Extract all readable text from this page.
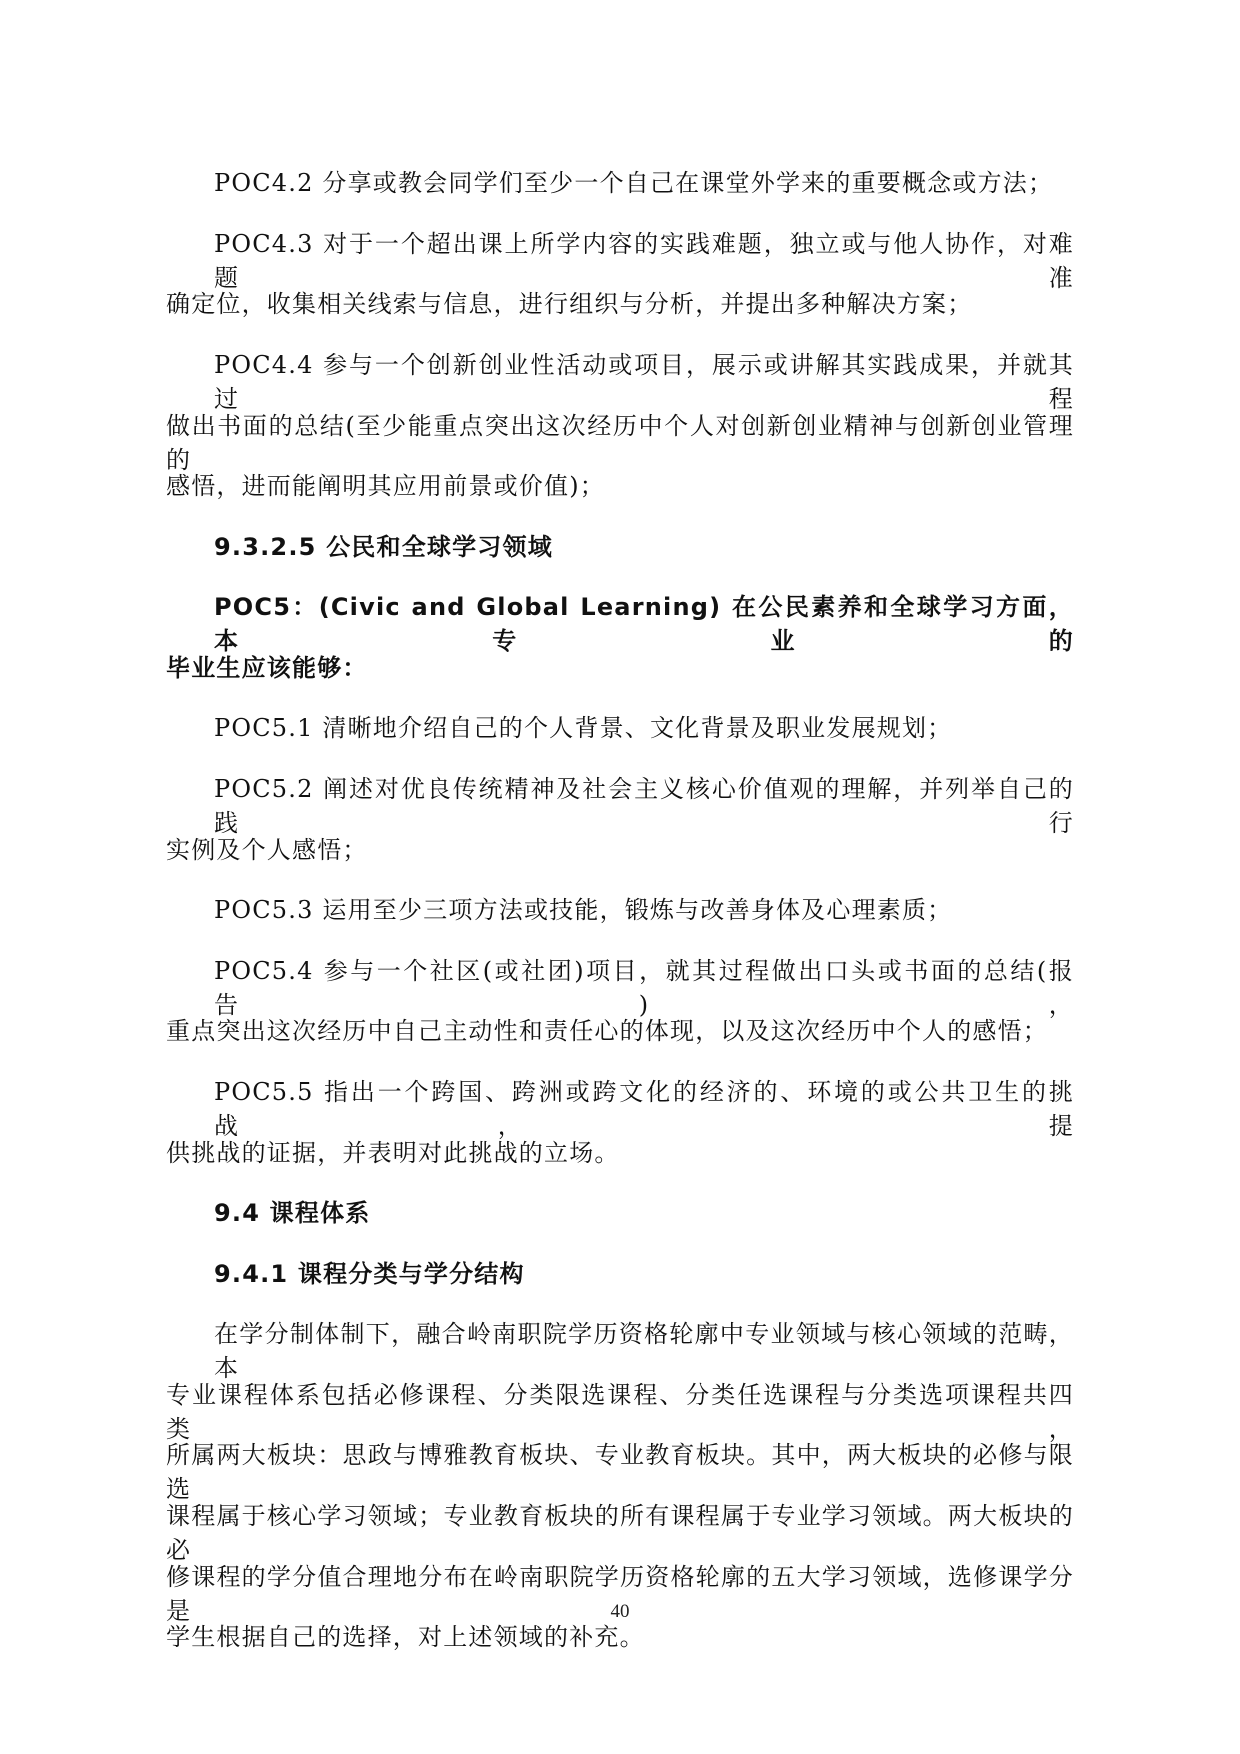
POC4.2 分享或教会同学们至少一个自己在课堂外学来的重要概念或方法；
POC4.3 对于一个超出课上所学内容的实践难题，独立或与他人协作，对难题准
确定位，收集相关线索与信息，进行组织与分析，并提出多种解决方案；
POC4.4 参与一个创新创业性活动或项目，展示或讲解其实践成果，并就其过程
做出书面的总结(至少能重点突出这次经历中个人对创新创业精神与创新创业管理的
感悟，进而能阐明其应用前景或价值)；
9.3.2.5 公民和全球学习领域
POC5：(Civic and Global Learning) 在公民素养和全球学习方面，本专业的
毕业生应该能够：
POC5.1 清晰地介绍自己的个人背景、文化背景及职业发展规划；
POC5.2 阐述对优良传统精神及社会主义核心价值观的理解，并列举自己的践行
实例及个人感悟；
POC5.3 运用至少三项方法或技能，锻炼与改善身体及心理素质；
POC5.4 参与一个社区(或社团)项目，就其过程做出口头或书面的总结(报告)，
重点突出这次经历中自己主动性和责任心的体现，以及这次经历中个人的感悟；
POC5.5 指出一个跨国、跨洲或跨文化的经济的、环境的或公共卫生的挑战， 提
供挑战的证据，并表明对此挑战的立场。
9.4 课程体系
9.4.1 课程分类与学分结构
在学分制体制下，融合岭南职院学历资格轮廓中专业领域与核心领域的范畴，本
专业课程体系包括必修课程、分类限选课程、分类任选课程与分类选项课程共四类，
所属两大板块：思政与博雅教育板块、专业教育板块。其中，两大板块的必修与限选
课程属于核心学习领域；专业教育板块的所有课程属于专业学习领域。两大板块的必
修课程的学分值合理地分布在岭南职院学历资格轮廓的五大学习领域，选修课学分是
学生根据自己的选择，对上述领域的补充。
40
